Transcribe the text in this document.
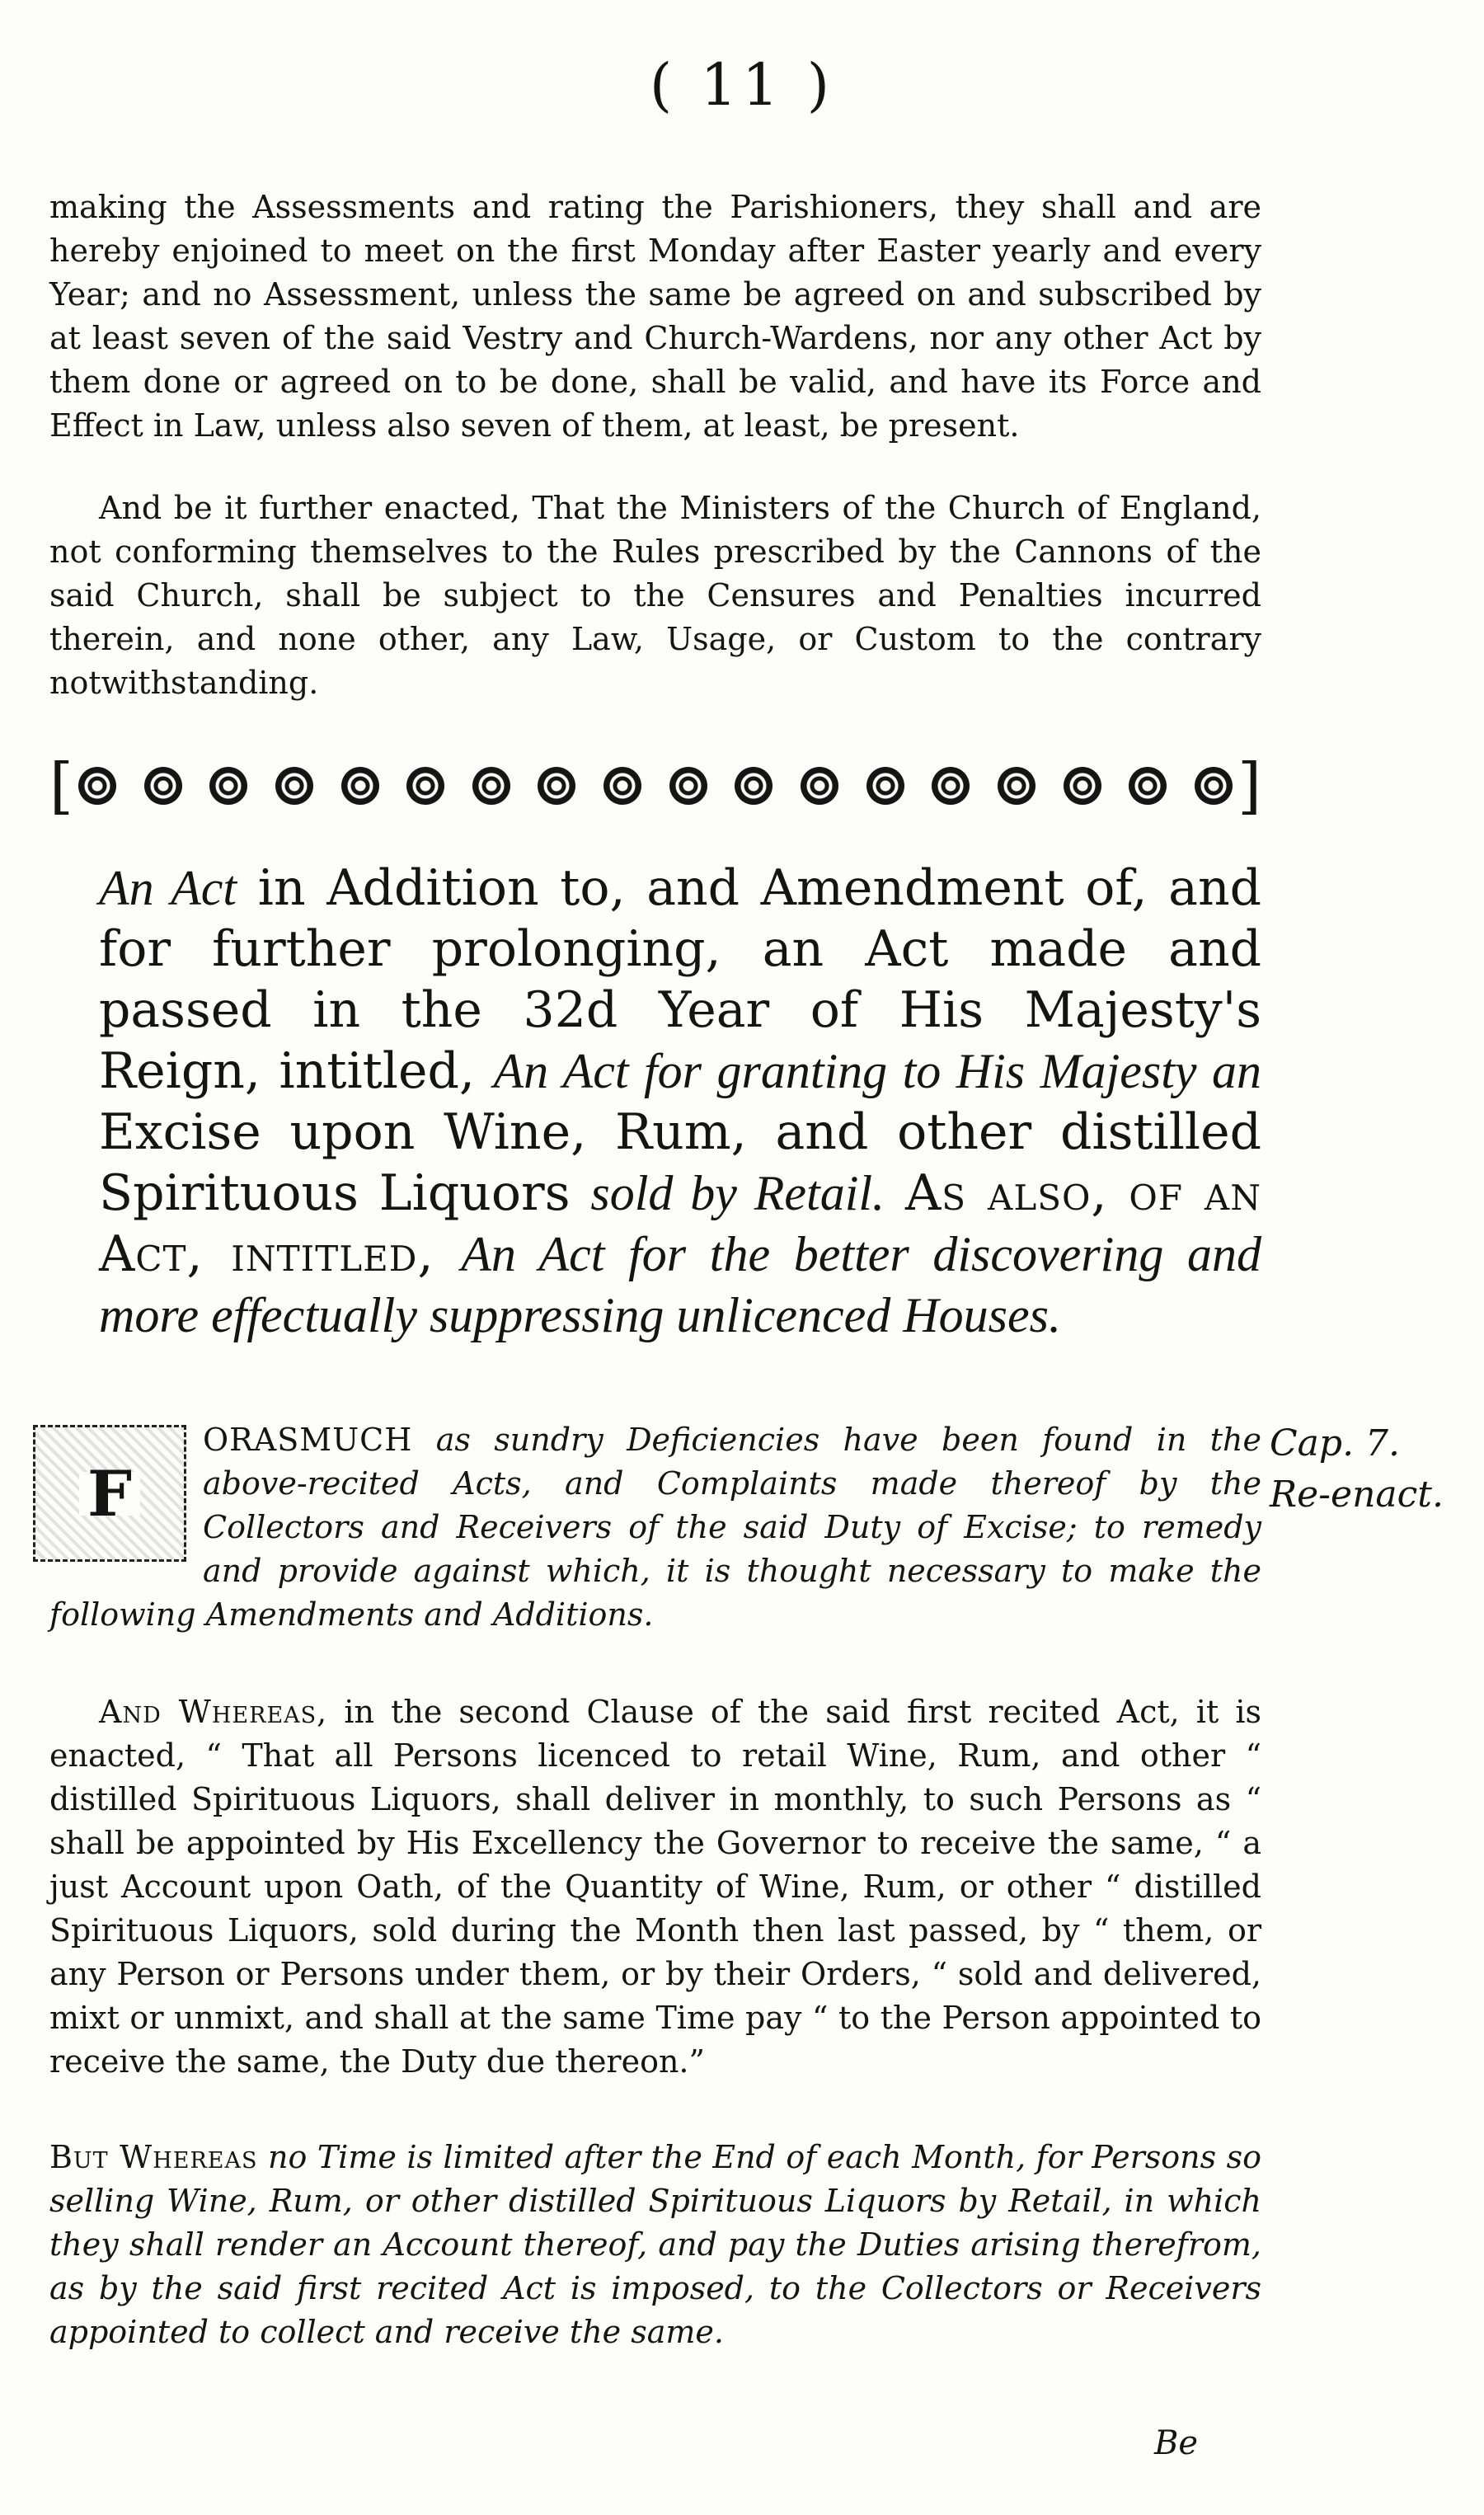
( 11 )

making the Assessments and rating the Parishioners, they shall and are hereby enjoined to meet on the first Monday after Easter yearly and every Year; and no Assessment, unless the same be agreed on and subscribed by at least seven of the said Vestry and Church-Wardens, nor any other Act by them done or agreed on to be done, shall be valid, and have its Force and Effect in Law, unless also seven of them, at least, be present.

And be it further enacted, That the Ministers of the Church of England, not conforming themselves to the Rules prescribed by the Cannons of the said Church, shall be subject to the Censures and Penalties incurred therein, and none other, any Law, Usage, or Custom to the contrary notwithstanding.

[	]
An Act in Addition to, and Amendment of, and for further prolonging, an Act made and passed in the 32d Year of His Majesty's Reign, intitled, An Act for granting to His Majesty an Excise upon Wine, Rum, and other distilled Spirituous Liquors sold by Retail. As also, of an Act, intitled, An Act for the better discovering and more effectually suppressing unlicenced Houses.
F

ORASMUCH as sundry Deficiencies have been found in the above-recited Acts, and Complaints made thereof by the Collectors and Receivers of the said Duty of Excise; to remedy and provide against which, it is thought necessary to make the following Amendments and Additions.

Cap. 7.
Re-enact.

And Whereas, in the second Clause of the said first recited Act, it is enacted, “ That all Persons licenced to retail Wine, Rum, and other “ distilled Spirituous Liquors, shall deliver in monthly, to such Persons as “ shall be appointed by His Excellency the Governor to receive the same, “ a just Account upon Oath, of the Quantity of Wine, Rum, or other “ distilled Spirituous Liquors, sold during the Month then last passed, by “ them, or any Person or Persons under them, or by their Orders, “ sold and delivered, mixt or unmixt, and shall at the same Time pay “ to the Person appointed to receive the same, the Duty due thereon.”

But Whereas no Time is limited after the End of each Month, for Persons so selling Wine, Rum, or other distilled Spirituous Liquors by Retail, in which they shall render an Account thereof, and pay the Duties arising therefrom, as by the said first recited Act is imposed, to the Collectors or Receivers appointed to collect and receive the same.

Be
